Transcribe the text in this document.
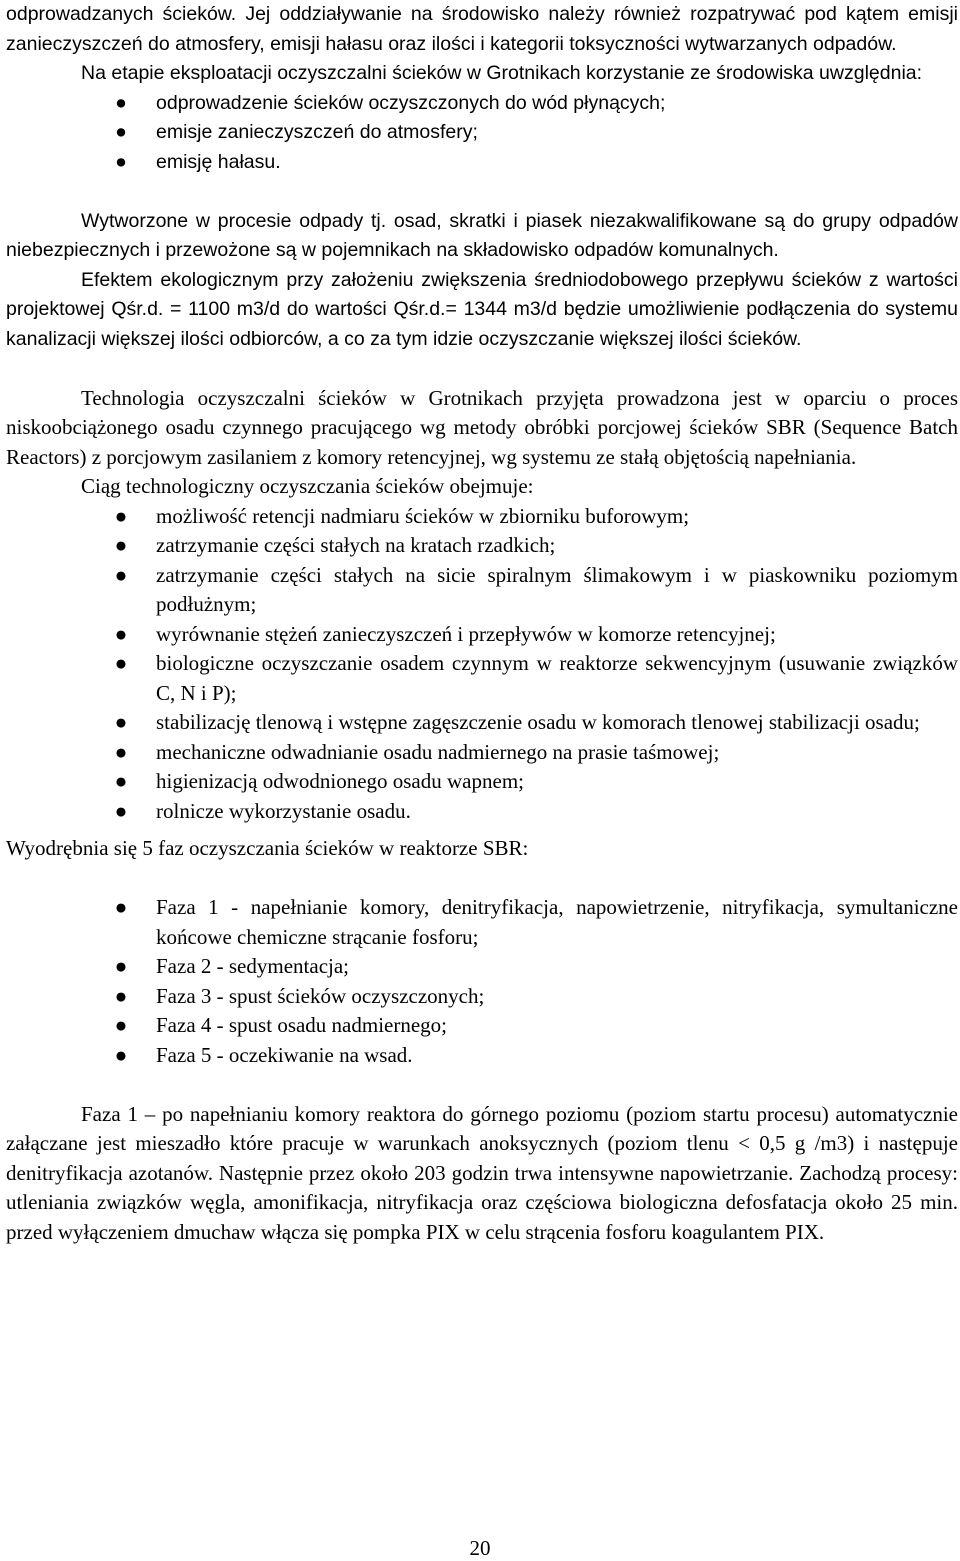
odprowadzanych ścieków. Jej oddziaływanie na środowisko należy również rozpatrywać pod kątem emisji zanieczyszczeń do atmosfery, emisji hałasu oraz ilości i kategorii toksyczności wytwarzanych odpadów.

Na etapie eksploatacji oczyszczalni ścieków w Grotnikach korzystanie ze środowiska uwzględnia:

● odprowadzenie ścieków oczyszczonych do wód płynących;
● emisje zanieczyszczeń do atmosfery;
● emisję hałasu.

Wytworzone w procesie odpady tj. osad, skratki i piasek niezakwalifikowane są do grupy odpadów niebezpiecznych i przewożone są w pojemnikach na składowisko odpadów komunalnych.

Efektem ekologicznym przy założeniu zwiększenia średniodobowego przepływu ścieków z wartości projektowej Qśr.d. = 1100 m3/d do wartości Qśr.d.= 1344 m3/d będzie umożliwienie podłączenia do systemu kanalizacji większej ilości odbiorców, a co za tym idzie oczyszczanie większej ilości ścieków.

Technologia oczyszczalni ścieków w Grotnikach przyjęta prowadzona jest w oparciu o proces niskoobciążonego osadu czynnego pracującego wg metody obróbki porcjowej ścieków SBR (Sequence Batch Reactors) z porcjowym zasilaniem z komory retencyjnej, wg systemu ze stałą objętością napełniania.

Ciąg technologiczny oczyszczania ścieków obejmuje:

● możliwość retencji nadmiaru ścieków w zbiorniku buforowym;
● zatrzymanie części stałych na kratach rzadkich;
● zatrzymanie części stałych na sicie spiralnym ślimakowym i w piaskowniku poziomym podłużnym;
● wyrównanie stężeń zanieczyszczeń i przepływów w komorze retencyjnej;
● biologiczne oczyszczanie osadem czynnym w reaktorze sekwencyjnym (usuwanie związków C, N i P);
● stabilizację tlenową i wstępne zagęszczenie osadu w komorach tlenowej stabilizacji osadu;
● mechaniczne odwadnianie osadu nadmiernego na prasie taśmowej;
● higienizacją odwodnionego osadu wapnem;
● rolnicze wykorzystanie osadu.

Wyodrębnia się 5 faz oczyszczania ścieków w reaktorze SBR:

● Faza 1 - napełnianie komory, denitryfikacja, napowietrzenie, nitryfikacja, symultaniczne końcowe chemiczne strącanie fosforu;
● Faza 2 - sedymentacja;
● Faza 3 - spust ścieków oczyszczonych;
● Faza 4 - spust osadu nadmiernego;
● Faza 5 - oczekiwanie na wsad.

Faza 1 – po napełnianiu komory reaktora do górnego poziomu (poziom startu procesu) automatycznie załączane jest mieszadło które pracuje w warunkach anoksycznych (poziom tlenu < 0,5 g /m3) i następuje denitryfikacja azotanów. Następnie przez około 203 godzin trwa intensywne napowietrzanie. Zachodzą procesy: utleniania związków węgla, amonifikacja, nitryfikacja oraz częściowa biologiczna defosfatacja około 25 min. przed wyłączeniem dmuchaw włącza się pompka PIX w celu strącenia fosforu koagulantem PIX.

20
